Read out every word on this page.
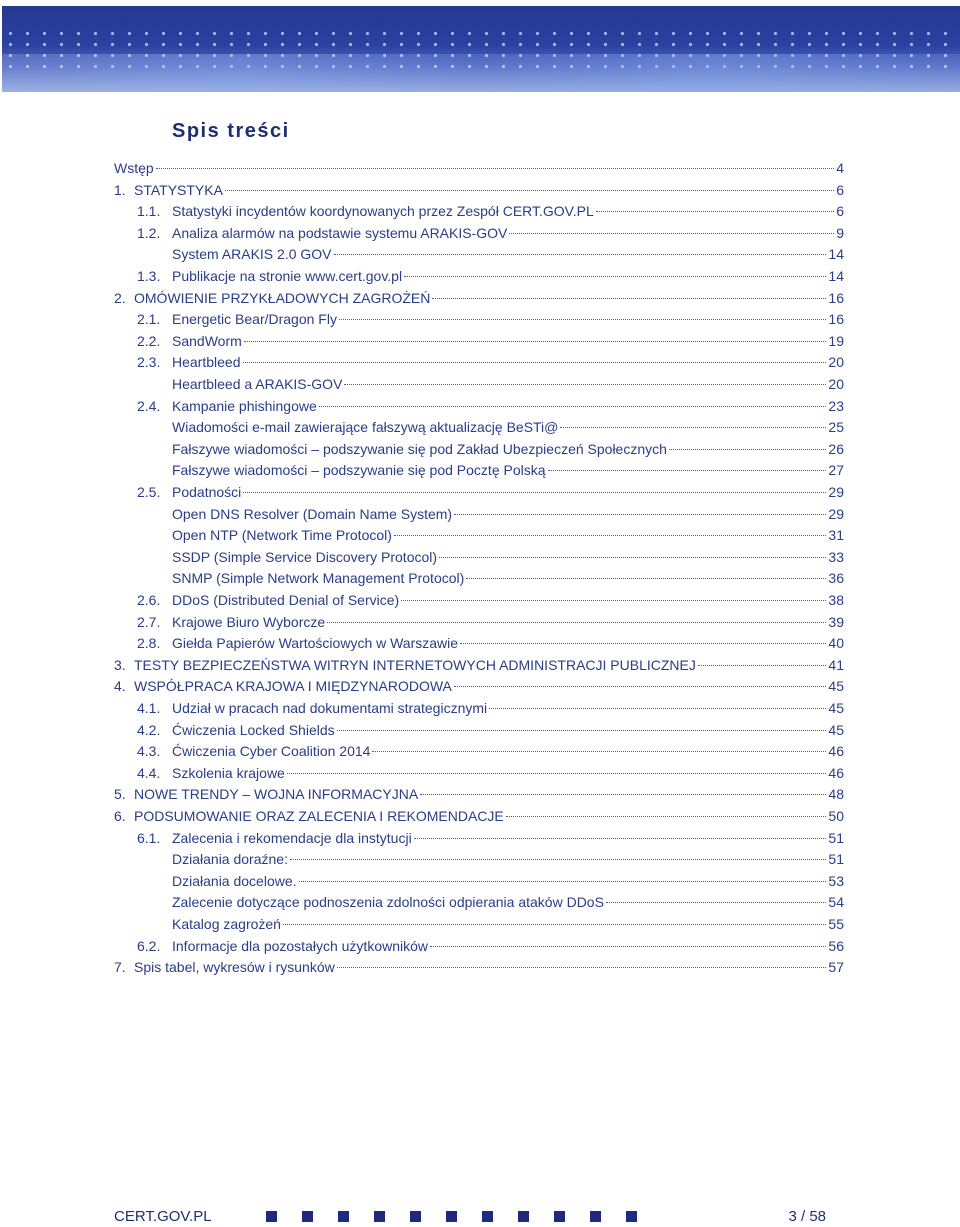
Spis treści
Wstęp	4
1. STATYSTYKA	6
1.1. Statystyki incydentów koordynowanych przez Zespół CERT.GOV.PL	6
1.2. Analiza alarmów na podstawie systemu ARAKIS-GOV	9
System ARAKIS 2.0 GOV	14
1.3. Publikacje na stronie www.cert.gov.pl	14
2. OMÓWIENIE PRZYKŁADOWYCH ZAGROŻEŃ	16
2.1. Energetic Bear/Dragon Fly	16
2.2. SandWorm	19
2.3. Heartbleed	20
Heartbleed a ARAKIS-GOV	20
2.4. Kampanie phishingowe	23
Wiadomości e-mail zawierające fałszywą aktualizację BeSTi@	25
Fałszywe wiadomości – podszywanie się pod Zakład Ubezpieczeń Społecznych	26
Fałszywe wiadomości – podszywanie się pod Pocztę Polską	27
2.5. Podatności	29
Open DNS Resolver (Domain Name System)	29
Open NTP (Network Time Protocol)	31
SSDP (Simple Service Discovery Protocol)	33
SNMP (Simple Network Management Protocol)	36
2.6. DDoS (Distributed Denial of Service)	38
2.7. Krajowe Biuro Wyborcze	39
2.8. Giełda Papierów Wartościowych w Warszawie	40
3. TESTY BEZPIECZEŃSTWA WITRYN INTERNETOWYCH ADMINISTRACJI PUBLICZNEJ	41
4. WSPÓŁPRACA KRAJOWA I MIĘDZYNARODOWA	45
4.1. Udział w pracach nad dokumentami strategicznymi	45
4.2. Ćwiczenia Locked Shields	45
4.3. Ćwiczenia Cyber Coalition 2014	46
4.4. Szkolenia krajowe	46
5. NOWE TRENDY – WOJNA INFORMACYJNA	48
6. PODSUMOWANIE ORAZ ZALECENIA I REKOMENDACJE	50
6.1. Zalecenia i rekomendacje dla instytucji	51
Działania doraźne:	51
Działania docelowe.	53
Zalecenie dotyczące podnoszenia zdolności odpierania ataków DDoS	54
Katalog zagrożeń	55
6.2. Informacje dla pozostałych użytkowników	56
7. Spis tabel, wykresów i rysunków	57
CERT.GOV.PL	3 / 58
